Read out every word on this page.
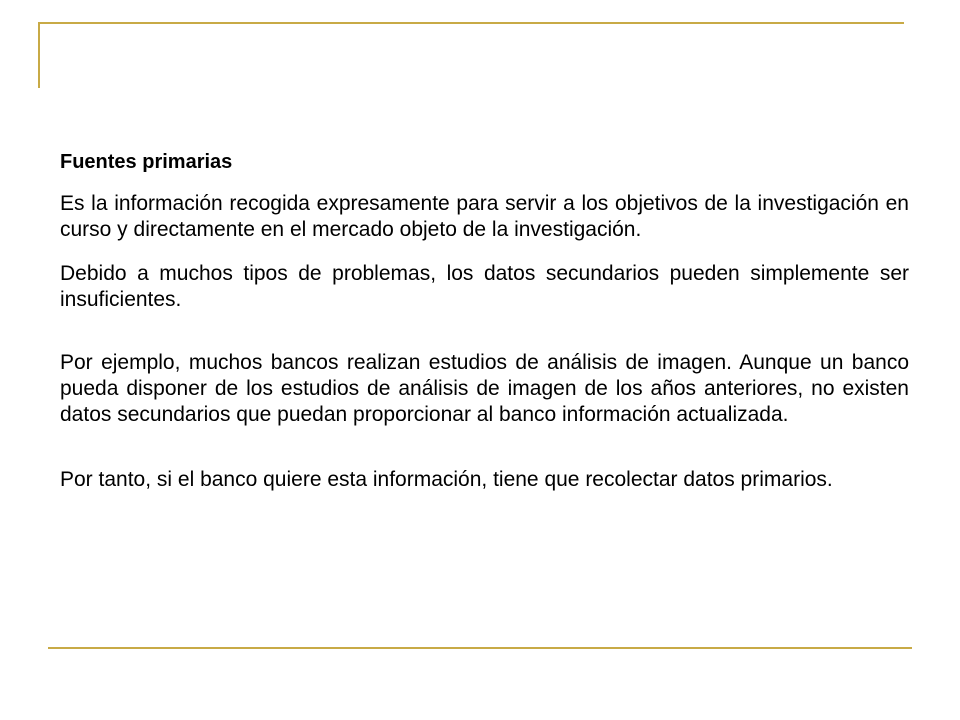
Fuentes primarias

Es la información recogida expresamente para servir a los objetivos de la investigación en curso y directamente en el mercado objeto de la investigación.

Debido a muchos tipos de problemas, los datos secundarios pueden simplemente ser insuficientes.

Por ejemplo, muchos bancos realizan estudios de análisis de imagen. Aunque un banco pueda disponer de los estudios de análisis de imagen de los años anteriores, no existen datos secundarios que puedan proporcionar al banco información actualizada.

Por tanto, si el banco quiere esta información, tiene que recolectar datos primarios.
